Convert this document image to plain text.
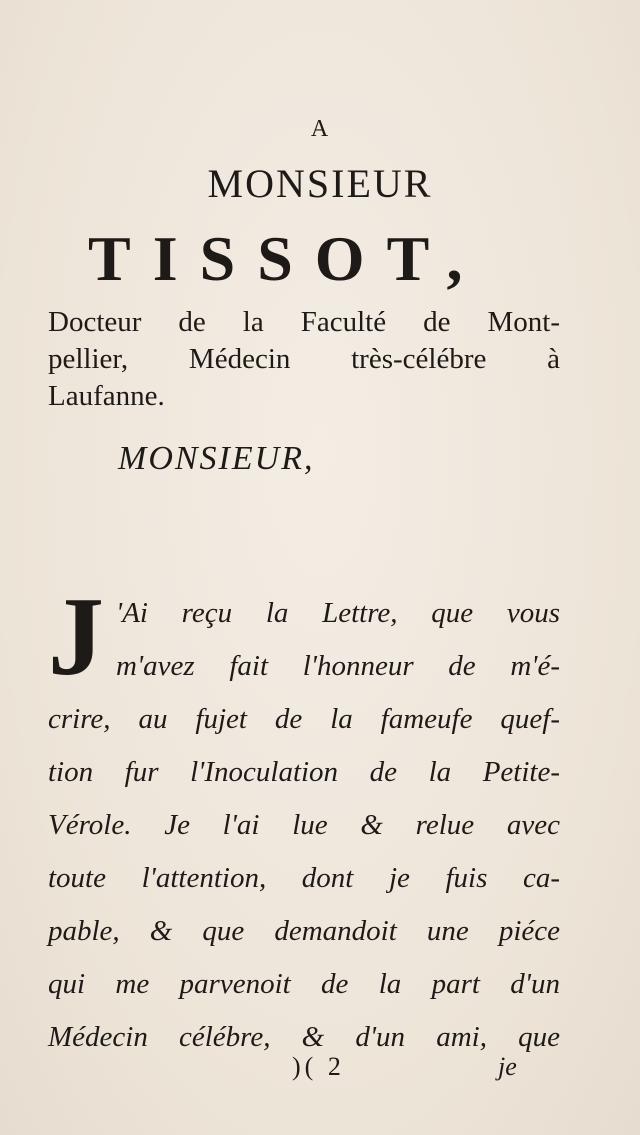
A
MONSIEUR
TISSOT,
Docteur de la Faculté de Mont-
pellier, Médecin très-célébre à
Laufanne.
MONSIEUR,
J 'Ai reçu la Lettre, que vous
m'avez fait l'honneur de m'é-
crire, au fujet de la fameufe quef-
tion fur l'Inoculation de la Petite-
Vérole. Je l'ai lue & relue avec
toute l'attention, dont je fuis ca-
pable, & que demandoit une piéce
qui me parvenoit de la part d'un
Médecin célébre, & d'un ami, que
)( 2	je
